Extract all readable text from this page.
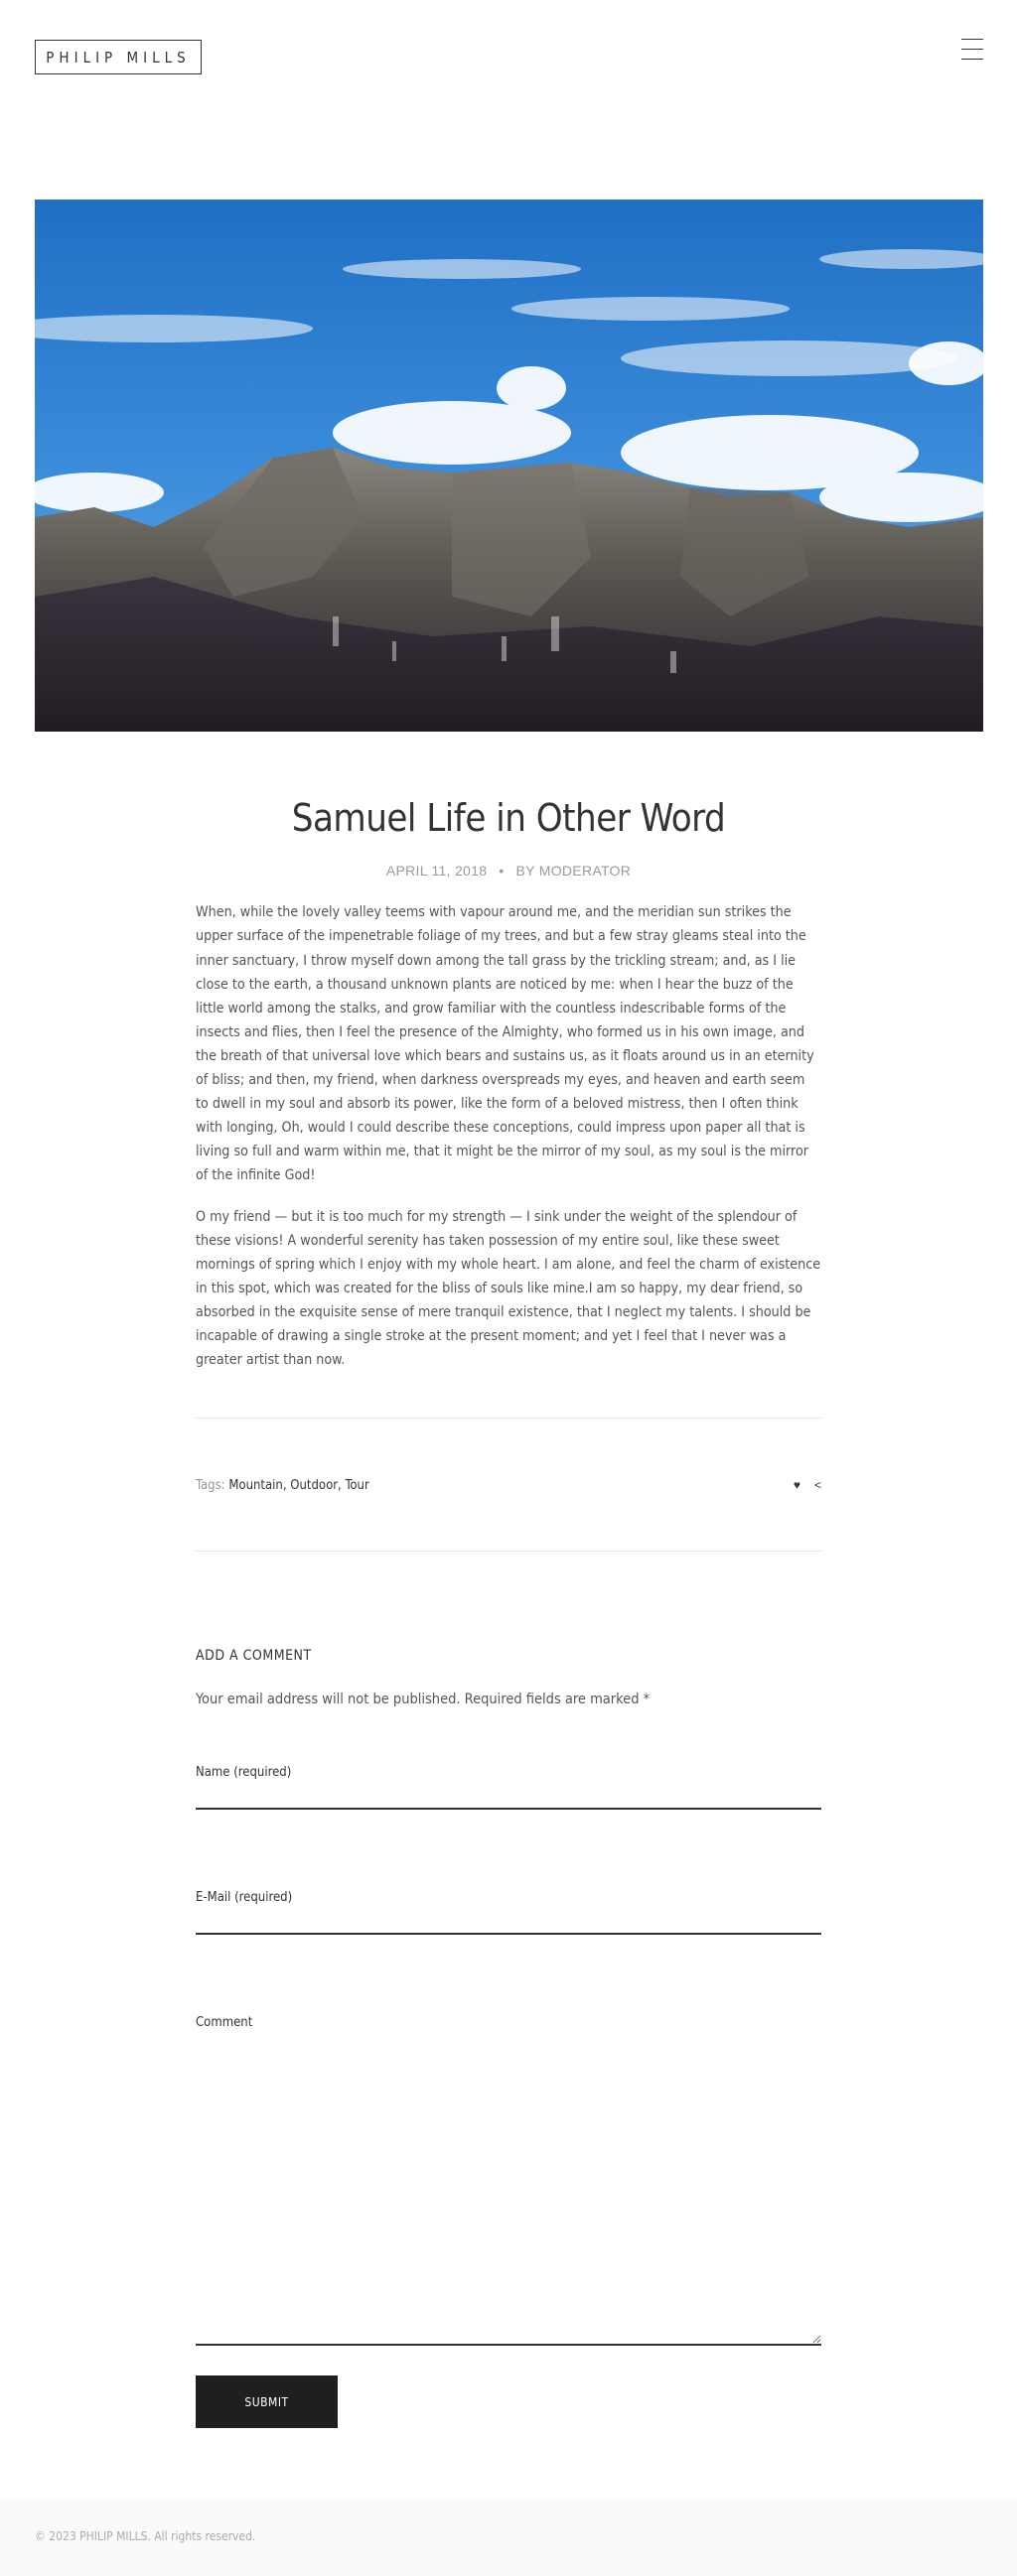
PHILIP MILLS
Samuel Life in Other Word
APRIL 11, 2018 • BY MODERATOR

When, while the lovely valley teems with vapour around me, and the meridian sun strikes the upper surface of the impenetrable foliage of my trees, and but a few stray gleams steal into the inner sanctuary, I throw myself down among the tall grass by the trickling stream; and, as I lie close to the earth, a thousand unknown plants are noticed by me: when I hear the buzz of the little world among the stalks, and grow familiar with the countless indescribable forms of the insects and flies, then I feel the presence of the Almighty, who formed us in his own image, and the breath of that universal love which bears and sustains us, as it floats around us in an eternity of bliss; and then, my friend, when darkness overspreads my eyes, and heaven and earth seem to dwell in my soul and absorb its power, like the form of a beloved mistress, then I often think with longing, Oh, would I could describe these conceptions, could impress upon paper all that is living so full and warm within me, that it might be the mirror of my soul, as my soul is the mirror of the infinite God!

O my friend — but it is too much for my strength — I sink under the weight of the splendour of these visions! A wonderful serenity has taken possession of my entire soul, like these sweet mornings of spring which I enjoy with my whole heart. I am alone, and feel the charm of existence in this spot, which was created for the bliss of souls like mine.I am so happy, my dear friend, so absorbed in the exquisite sense of mere tranquil existence, that I neglect my talents. I should be incapable of drawing a single stroke at the present moment; and yet I feel that I never was a greater artist than now.

Tags: Mountain, Outdoor, Tour	♥ <
ADD A COMMENT

Your email address will not be published. Required fields are marked *

Name (required)
E-Mail (required)
Comment
SUBMIT

© 2023 PHILIP MILLS. All rights reserved.
